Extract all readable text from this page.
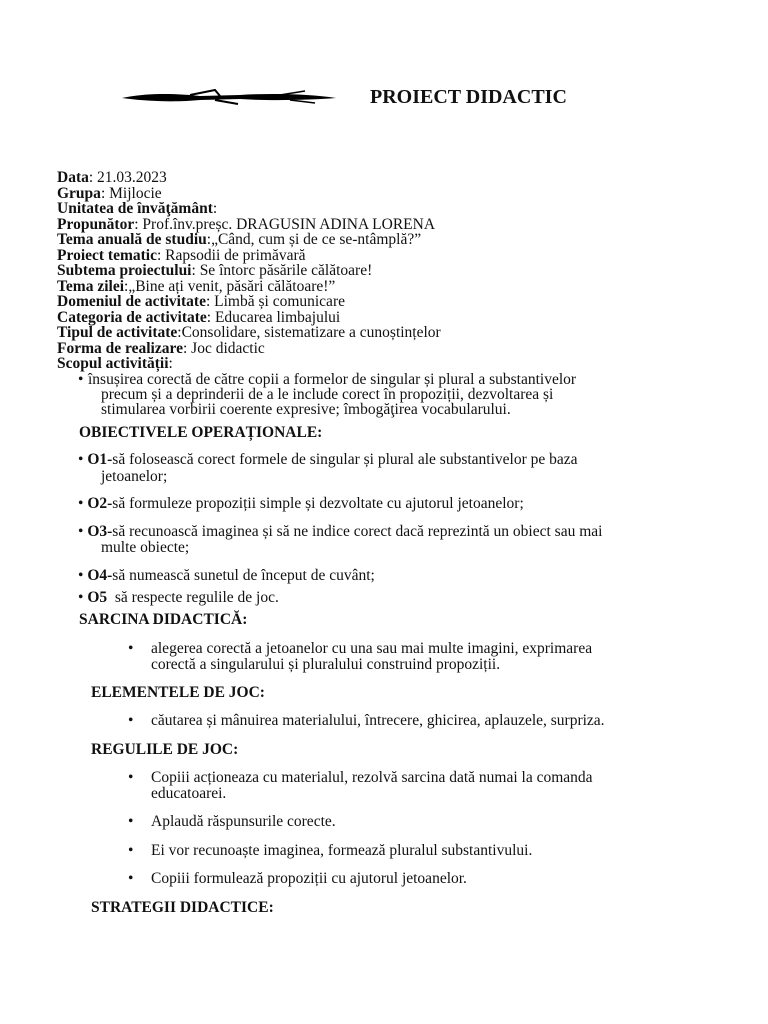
PROIECT DIDACTIC
Data: 21.03.2023
Grupa: Mijlocie
Unitatea de învăţământ:
Propunător: Prof.înv.preșc. DRAGUSIN ADINA LORENA
Tema anuală de studiu:„Când, cum și de ce se-ntâmplă?”
Proiect tematic: Rapsodii de primăvară
Subtema proiectului: Se întorc păsările călătoare!
Tema zilei:„Bine ați venit, păsări călătoare!”
Domeniul de activitate: Limbă și comunicare
Categoria de activitate: Educarea limbajului
Tipul de activitate:Consolidare, sistematizare a cunoștințelor
Forma de realizare: Joc didactic
Scopul activității:
• însușirea corectă de către copii a formelor de singular și plural a substantivelor
precum și a deprinderii de a le include corect în propoziții, dezvoltarea și
stimularea vorbirii coerente expresive; îmbogăţirea vocabularului.
OBIECTIVELE OPERAȚIONALE:
• O1-să folosească corect formele de singular și plural ale substantivelor pe baza
jetoanelor;
• O2-să formuleze propoziții simple și dezvoltate cu ajutorul jetoanelor;
• O3-să recunoască imaginea și să ne indice corect dacă reprezintă un obiect sau mai
multe obiecte;
• O4-să numească sunetul de început de cuvânt;
• O5  să respecte regulile de joc.
SARCINA DIDACTICĂ:
• alegerea corectă a jetoanelor cu una sau mai multe imagini, exprimarea
corectă a singularului și pluralului construind propoziții.
ELEMENTELE DE JOC:
• căutarea și mânuirea materialului, întrecere, ghicirea, aplauzele, surpriza.
REGULILE DE JOC:
• Copiii acționeaza cu materialul, rezolvă sarcina dată numai la comanda
educatoarei.
• Aplaudă răspunsurile corecte.
• Ei vor recunoaște imaginea, formează pluralul substantivului.
• Copiii formulează propoziții cu ajutorul jetoanelor.
STRATEGII DIDACTICE:
